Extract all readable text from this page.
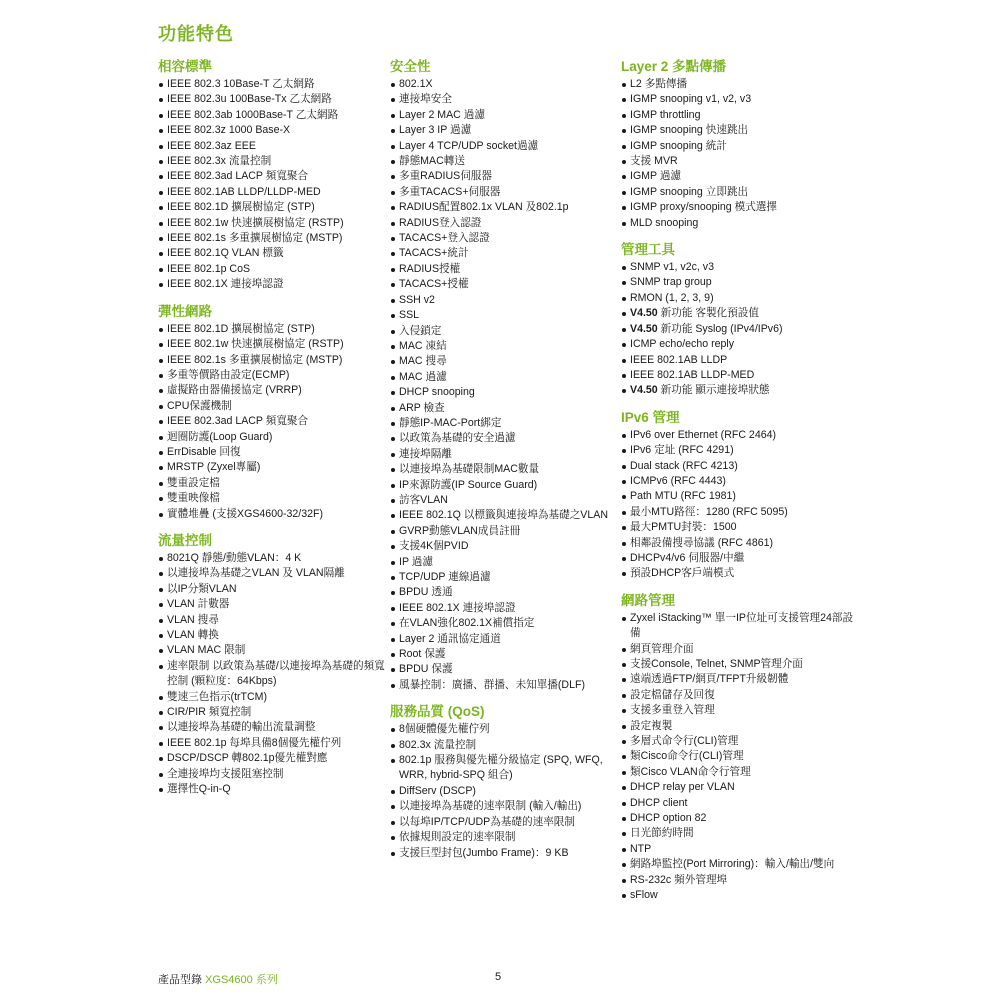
功能特色
相容標準
IEEE 802.3 10Base-T 乙太網路
IEEE 802.3u 100Base-Tx 乙太網路
IEEE 802.3ab 1000Base-T 乙太網路
IEEE 802.3z 1000 Base-X
IEEE 802.3az EEE
IEEE 802.3x 流量控制
IEEE 802.3ad LACP 頻寬聚合
IEEE 802.1AB LLDP/LLDP-MED
IEEE 802.1D 擴展樹協定 (STP)
IEEE 802.1w 快速擴展樹協定 (RSTP)
IEEE 802.1s 多重擴展樹協定 (MSTP)
IEEE 802.1Q VLAN 標籤
IEEE 802.1p CoS
IEEE 802.1X 連接埠認證
彈性網路
IEEE 802.1D 擴展樹協定 (STP)
IEEE 802.1w 快速擴展樹協定 (RSTP)
IEEE 802.1s 多重擴展樹協定 (MSTP)
多重等價路由設定(ECMP)
虛擬路由器備援協定 (VRRP)
CPU保護機制
IEEE 802.3ad LACP 頻寬聚合
迴圈防護(Loop Guard)
ErrDisable 回復
MRSTP (Zyxel專屬)
雙重設定檔
雙重映像檔
實體堆疊 (支援XGS4600-32/32F)
流量控制
8021Q 靜態/動態VLAN：4 K
以連接埠為基礎之VLAN 及 VLAN隔離
以IP分類VLAN
VLAN 計數器
VLAN 搜尋
VLAN 轉換
VLAN MAC 限制
速率限制 以政策為基礎/以連接埠為基礎的頻寬控制 (顆粒度：64Kbps)
雙速三色指示(trTCM)
CIR/PIR 頻寬控制
以連接埠為基礎的輸出流量調整
IEEE 802.1p 每埠具備8個優先權佇列
DSCP/DSCP 轉802.1p優先權對應
全連接埠均支援阻塞控制
選擇性Q-in-Q
安全性
802.1X
連接埠安全
Layer 2 MAC 過濾
Layer 3 IP 過濾
Layer 4 TCP/UDP socket過濾
靜態MAC轉送
多重RADIUS伺服器
多重TACACS+伺服器
RADIUS配置802.1x VLAN 及802.1p
RADIUS登入認證
TACACS+登入認證
TACACS+統計
RADIUS授權
TACACS+授權
SSH v2
SSL
入侵鎖定
MAC 凍結
MAC 搜尋
MAC 過濾
DHCP snooping
ARP 檢查
靜態IP-MAC-Port綁定
以政策為基礎的安全過濾
連接埠隔離
以連接埠為基礎限制MAC數量
IP來源防護(IP Source Guard)
訪客VLAN
IEEE 802.1Q 以標籤與連接埠為基礎之VLAN
GVRP動態VLAN成員註冊
支援4K個PVID
IP 過濾
TCP/UDP 連線過濾
BPDU 透通
IEEE 802.1X 連接埠認證
在VLAN強化802.1X補償指定
Layer 2 通訊協定通道
Root 保護
BPDU 保護
風暴控制：廣播、群播、未知單播(DLF)
服務品質 (QoS)
8個硬體優先權佇列
802.3x 流量控制
802.1p 服務與優先權分級協定 (SPQ, WFQ, WRR, hybrid-SPQ 組合)
DiffServ (DSCP)
以連接埠為基礎的速率限制 (輸入/輸出)
以每埠IP/TCP/UDP為基礎的速率限制
依據規則設定的速率限制
支援巨型封包(Jumbo Frame)：9 KB
Layer 2 多點傳播
L2 多點傳播
IGMP snooping v1, v2, v3
IGMP throttling
IGMP snooping 快速跳出
IGMP snooping 統計
支援 MVR
IGMP 過濾
IGMP snooping 立即跳出
IGMP proxy/snooping 模式選擇
MLD snooping
管理工具
SNMP v1, v2c, v3
SNMP trap group
RMON (1, 2, 3, 9)
V4.50 新功能 客製化預設值
V4.50 新功能 Syslog (IPv4/IPv6)
ICMP echo/echo reply
IEEE 802.1AB LLDP
IEEE 802.1AB LLDP-MED
V4.50 新功能 顯示連接埠狀態
IPv6 管理
IPv6 over Ethernet (RFC 2464)
IPv6 定址 (RFC 4291)
Dual stack (RFC 4213)
ICMPv6 (RFC 4443)
Path MTU (RFC 1981)
最小MTU路徑：1280 (RFC 5095)
最大PMTU封裝：1500
相鄰設備搜尋協議 (RFC 4861)
DHCPv4/v6 伺服器/中繼
預設DHCP客戶端模式
網路管理
Zyxel iStacking™ 單一IP位址可支援管理24部設備
網頁管理介面
支援Console, Telnet, SNMP管理介面
遠端透過FTP/網頁/TFPT升級韌體
設定檔儲存及回復
支援多重登入管理
設定複製
多層式命令行(CLI)管理
類Cisco命令行(CLI)管理
類Cisco VLAN命令行管理
DHCP relay per VLAN
DHCP client
DHCP option 82
日光節約時間
NTP
網路埠監控(Port Mirroring)：輸入/輸出/雙向
RS-232c 頻外管理埠
sFlow
產品型錄 XGS4600 系列	5
